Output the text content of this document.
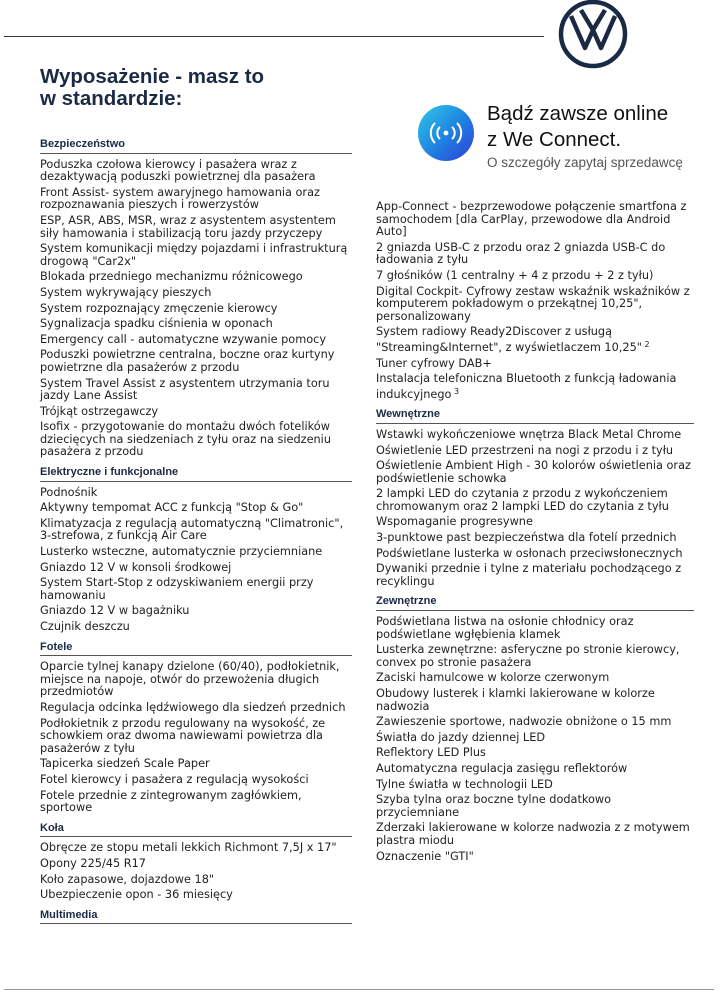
Wyposażenie - masz to
w standardzie:
Bądź zawsze online
z We Connect.
O szczegóły zapytaj sprzedawcę
Bezpieczeństwo
Poduszka czołowa kierowcy i pasażera wraz z dezaktywacją poduszki powietrznej dla pasażera
Front Assist- system awaryjnego hamowania oraz rozpoznawania pieszych i rowerzystów
ESP, ASR, ABS, MSR, wraz z asystentem asystentem siły hamowania i stabilizacją toru jazdy przyczepy
System komunikacji między pojazdami i infrastrukturą drogową "Car2x"
Blokada przedniego mechanizmu różnicowego
System wykrywający pieszych
System rozpoznający zmęczenie kierowcy
Sygnalizacja spadku ciśnienia w oponach
Emergency call - automatyczne wzywanie pomocy
Poduszki powietrzne centralna, boczne oraz kurtyny powietrzne dla pasażerów z przodu
System Travel Assist z asystentem utrzymania toru jazdy Lane Assist
Trójkąt ostrzegawczy
Isofix - przygotowanie do montażu dwóch fotelików dziecięcych na siedzeniach z tyłu oraz na siedzeniu pasażera z przodu
Elektryczne i funkcjonalne
Podnośnik
Aktywny tempomat ACC z funkcją "Stop & Go"
Klimatyzacja z regulacją automatyczną "Climatronic", 3-strefowa, z funkcją Air Care
Lusterko wsteczne, automatycznie przyciemniane
Gniazdo 12 V w konsoli środkowej
System Start-Stop z odzyskiwaniem energii przy hamowaniu
Gniazdo 12 V w bagażniku
Czujnik deszczu
Fotele
Oparcie tylnej kanapy dzielone (60/40), podłokietnik, miejsce na napoje, otwór do przewożenia długich przedmiotów
Regulacja odcinka lędźwiowego dla siedzeń przednich
Podłokietnik z przodu regulowany na wysokość, ze schowkiem oraz dwoma nawiewami powietrza dla pasażerów z tyłu
Tapicerka siedzeń Scale Paper
Fotel kierowcy i pasażera z regulacją wysokości
Fotele przednie z zintegrowanym zagłówkiem, sportowe
Koła
Obręcze ze stopu metali lekkich Richmont 7,5J x 17"
Opony 225/45 R17
Koło zapasowe, dojazdowe 18"
Ubezpieczenie opon - 36 miesięcy
Multimedia
App-Connect - bezprzewodowe połączenie smartfona z samochodem [dla CarPlay, przewodowe dla Android Auto]
2 gniazda USB-C z przodu oraz 2 gniazda USB-C do ładowania z tyłu
7 głośników (1 centralny + 4 z przodu + 2 z tyłu)
Digital Cockpit- Cyfrowy zestaw wskaźnik wskaźników z komputerem pokładowym o przekątnej 10,25", personalizowany
System radiowy Ready2Discover z usługą "Streaming&Internet", z wyświetlaczem 10,25" $^2$
Tuner cyfrowy DAB+
Instalacja telefoniczna Bluetooth z funkcją ładowania indukcyjnego $^3$
Wewnętrzne
Wstawki wykończeniowe wnętrza Black Metal Chrome
Oświetlenie LED przestrzeni na nogi z przodu i z tyłu
Oświetlenie Ambient High - 30 kolorów oświetlenia oraz podświetlenie schowka
2 lampki LED do czytania z przodu z wykończeniem chromowanym oraz 2 lampki LED do czytania z tyłu
Wspomaganie progresywne
3-punktowe past bezpieczeństwa dla fotelí przednich
Podświetlane lusterka w osłonach przeciwsłonecznych
Dywaniki przednie i tylne z materiału pochodzącego z recyklingu
Zewnętrzne
Podświetlana listwa na osłonie chłodnicy oraz podświetlane wgłębienia klamek
Lusterka zewnętrzne: asferyczne po stronie kierowcy, convex po stronie pasażera
Zaciski hamulcowe w kolorze czerwonym
Obudowy lusterek i klamki lakierowane w kolorze nadwozia
Zawieszenie sportowe, nadwozie obniżone o 15 mm
Światła do jazdy dziennej LED
Reflektory LED Plus
Automatyczna regulacja zasięgu reflektorów
Tylne światła w technologii LED
Szyba tylna oraz boczne tylne dodatkowo przyciemniane
Zderzaki lakierowane w kolorze nadwozia z z motywem plastra miodu
Oznaczenie "GTI"
